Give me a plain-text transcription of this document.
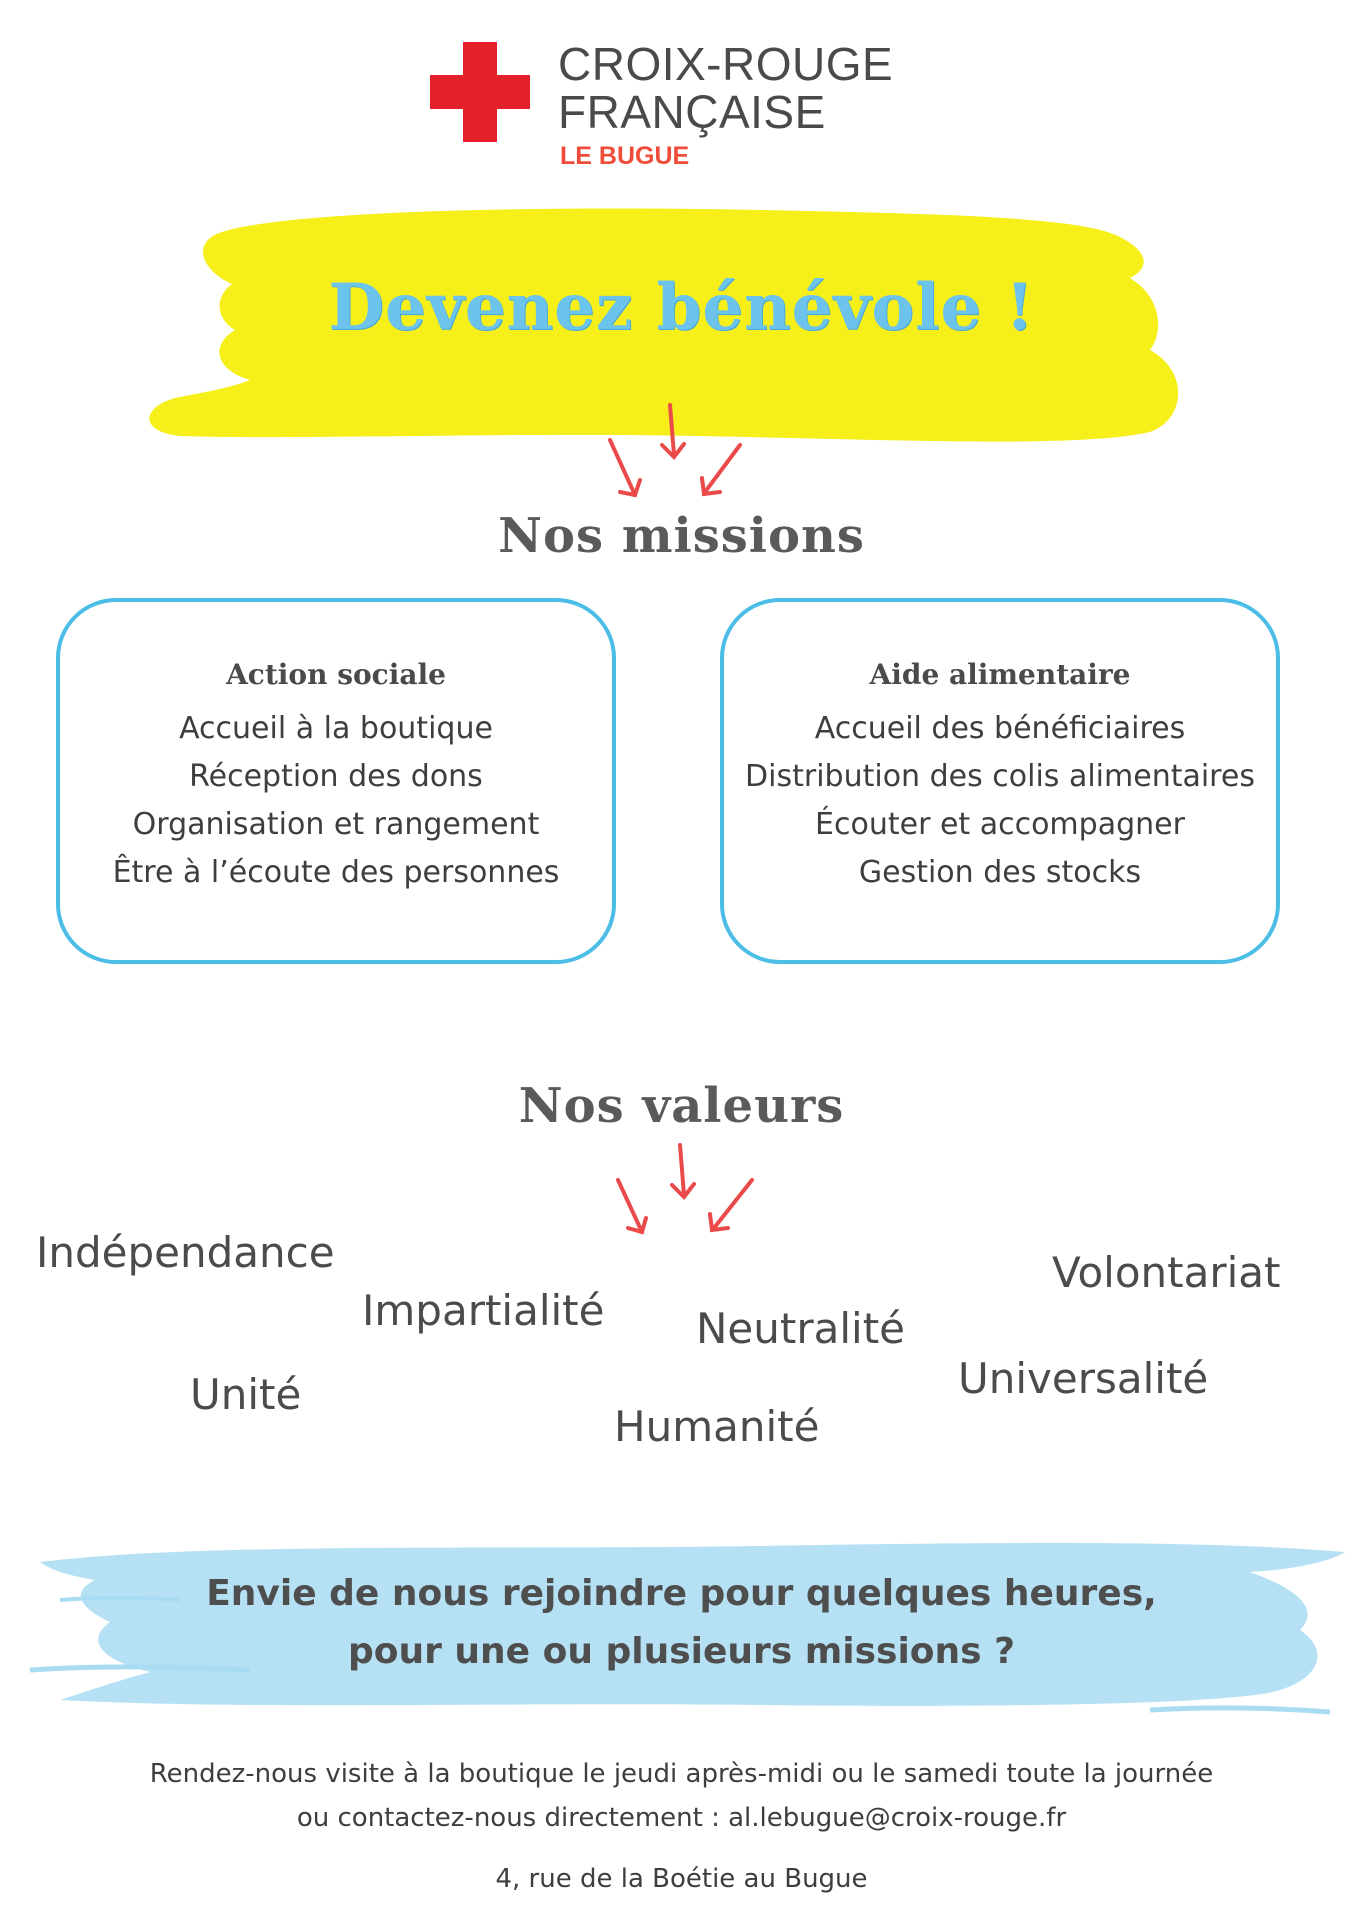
CROIX-ROUGE
FRANÇAISE
LE BUGUE
Devenez bénévole !
Nos missions
Action sociale
Accueil à la boutique
Réception des dons
Organisation et rangement
Être à l’écoute des personnes
Aide alimentaire
Accueil des bénéficiaires
Distribution des colis alimentaires
Écouter et accompagner
Gestion des stocks
Nos valeurs
Indépendance
Impartialité Neutralité
Volontariat
Unité
Humanité
Universalité
Envie de nous rejoindre pour quelques heures,
pour une ou plusieurs missions ?
Rendez-nous visite à la boutique le jeudi après-midi ou le samedi toute la journée
ou contactez-nous directement : al.lebugue@croix-rouge.fr
4, rue de la Boétie au Bugue
